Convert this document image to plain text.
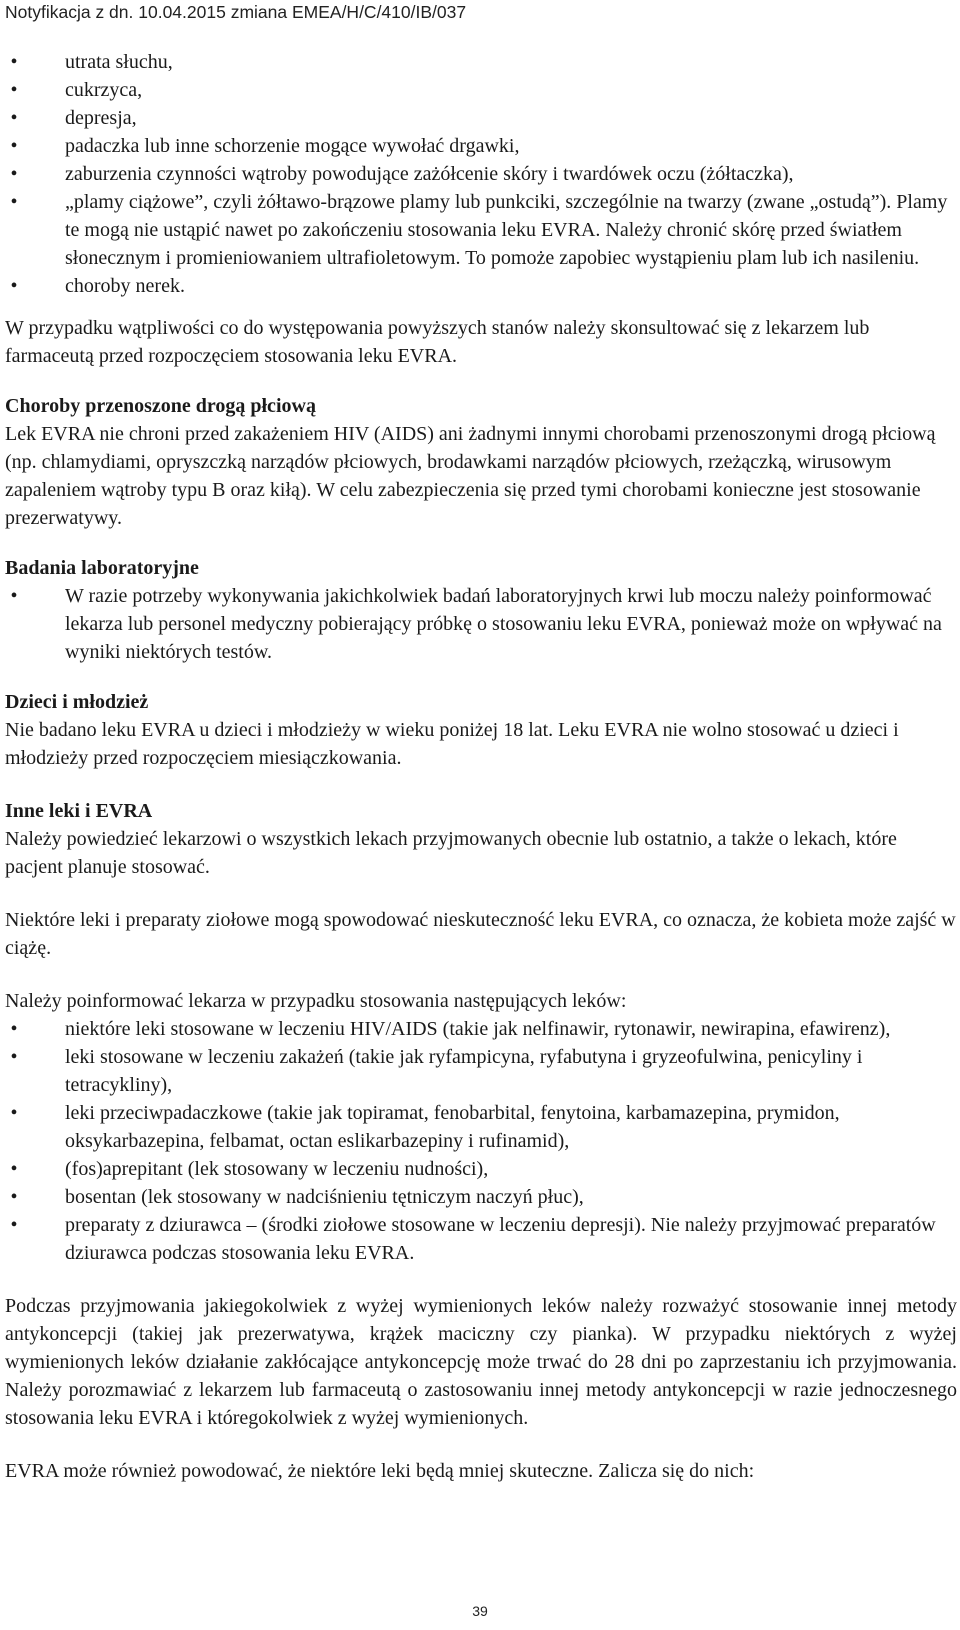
Notyfikacja z dn. 10.04.2015 zmiana EMEA/H/C/410/IB/037
• utrata słuchu,
• cukrzyca,
• depresja,
• padaczka lub inne schorzenie mogące wywołać drgawki,
• zaburzenia czynności wątroby powodujące zażółcenie skóry i twardówek oczu (żółtaczka),
• „plamy ciążowe”, czyli żółtawo-brązowe plamy lub punkciki, szczególnie na twarzy (zwane „ostudą”). Plamy te mogą nie ustąpić nawet po zakończeniu stosowania leku EVRA. Należy chronić skórę przed światłem słonecznym i promieniowaniem ultrafioletowym. To pomoże zapobiec wystąpieniu plam lub ich nasileniu.
• choroby nerek.

W przypadku wątpliwości co do występowania powyższych stanów należy skonsultować się z lekarzem lub farmaceutą przed rozpoczęciem stosowania leku EVRA.

Choroby przenoszone drogą płciową

Lek EVRA nie chroni przed zakażeniem HIV (AIDS) ani żadnymi innymi chorobami przenoszonymi drogą płciową (np. chlamydiami, opryszczką narządów płciowych, brodawkami narządów płciowych, rzeżączką, wirusowym zapaleniem wątroby typu B oraz kiłą). W celu zabezpieczenia się przed tymi chorobami konieczne jest stosowanie prezerwatywy.

Badania laboratoryjne
• W razie potrzeby wykonywania jakichkolwiek badań laboratoryjnych krwi lub moczu należy poinformować lekarza lub personel medyczny pobierający próbkę o stosowaniu leku EVRA, ponieważ może on wpływać na wyniki niektórych testów.
Dzieci i młodzież

Nie badano leku EVRA u dzieci i młodzieży w wieku poniżej 18 lat. Leku EVRA nie wolno stosować u dzieci i młodzieży przed rozpoczęciem miesiączkowania.

Inne leki i EVRA

Należy powiedzieć lekarzowi o wszystkich lekach przyjmowanych obecnie lub ostatnio, a także o lekach, które pacjent planuje stosować.

Niektóre leki i preparaty ziołowe mogą spowodować nieskuteczność leku EVRA, co oznacza, że kobieta może zajść w ciążę.

Należy poinformować lekarza w przypadku stosowania następujących leków:

• niektóre leki stosowane w leczeniu HIV/AIDS (takie jak nelfinawir, rytonawir, newirapina, efawirenz),
• leki stosowane w leczeniu zakażeń (takie jak ryfampicyna, ryfabutyna i gryzeofulwina, penicyliny i tetracykliny),
• leki przeciwpadaczkowe (takie jak topiramat, fenobarbital, fenytoina, karbamazepina, prymidon, oksykarbazepina, felbamat, octan eslikarbazepiny i rufinamid),
• (fos)aprepitant (lek stosowany w leczeniu nudności),
• bosentan (lek stosowany w nadciśnieniu tętniczym naczyń płuc),
• preparaty z dziurawca – (środki ziołowe stosowane w leczeniu depresji). Nie należy przyjmować preparatów dziurawca podczas stosowania leku EVRA.

Podczas przyjmowania jakiegokolwiek z wyżej wymienionych leków należy rozważyć stosowanie innej metody antykoncepcji (takiej jak prezerwatywa, krążek maciczny czy pianka). W przypadku niektórych z wyżej wymienionych leków działanie zakłócające antykoncepcję może trwać do 28 dni po zaprzestaniu ich przyjmowania. Należy porozmawiać z lekarzem lub farmaceutą o zastosowaniu innej metody antykoncepcji w razie jednoczesnego stosowania leku EVRA i któregokolwiek z wyżej wymienionych.

EVRA może również powodować, że niektóre leki będą mniej skuteczne. Zalicza się do nich:

39
